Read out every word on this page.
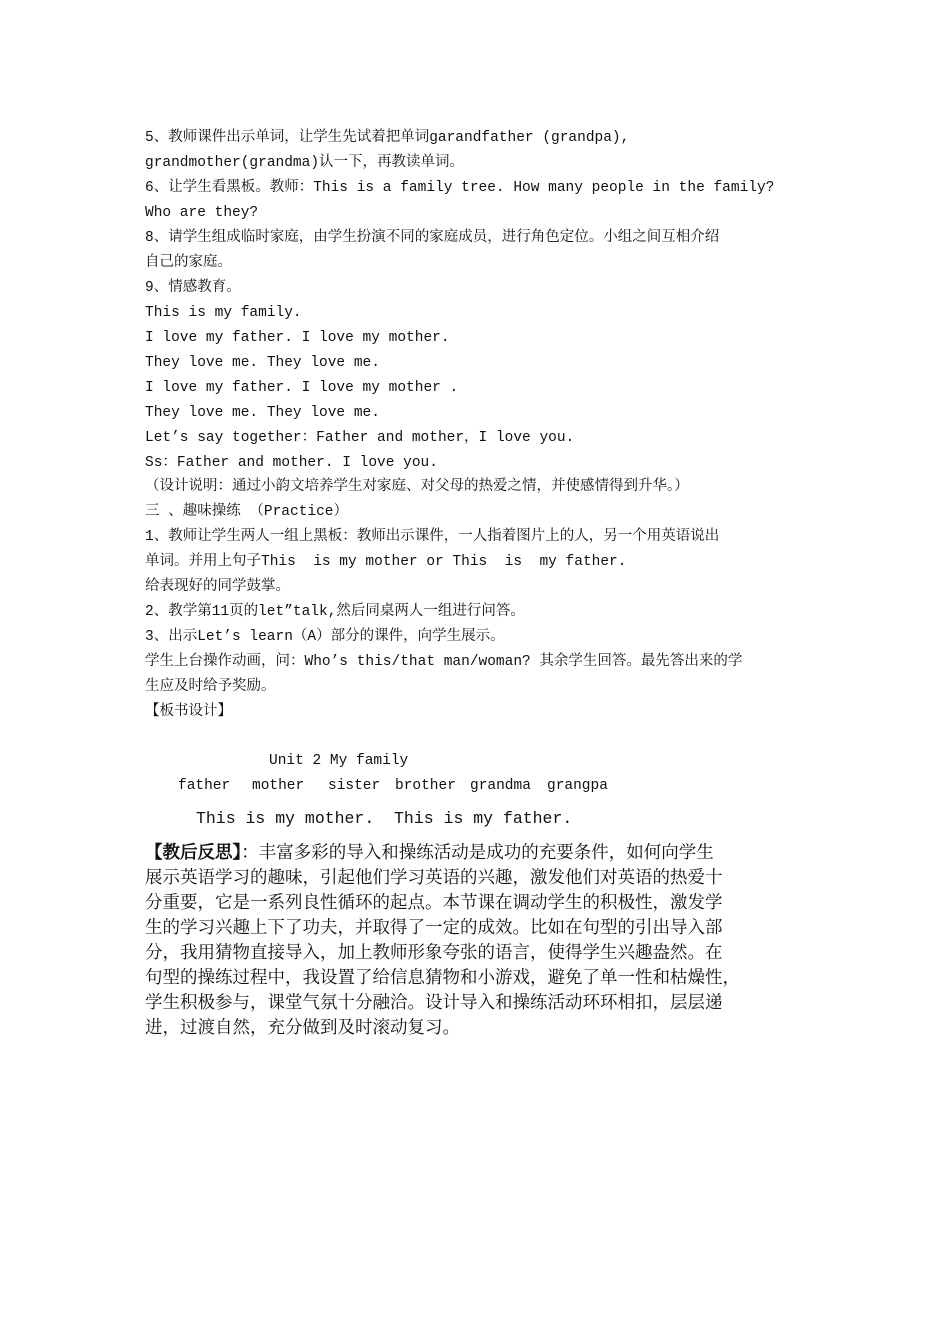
5、教师课件出示单词，让学生先试着把单词garandfather (grandpa),
grandmother(grandma)认一下，再教读单词。
6、让学生看黑板。教师：This is a family tree. How many people in the family?
Who are they?
8、请学生组成临时家庭，由学生扮演不同的家庭成员，进行角色定位。小组之间互相介绍
自己的家庭。
9、情感教育。
This is my family.
I love my father. I love my mother.
They love me. They love me.
I love my father. I love my mother .
They love me. They love me.
Let’s say together：Father and mother，I love you.
Ss：Father and mother. I love you.
（设计说明：通过小韵文培养学生对家庭、对父母的热爱之情，并使感情得到升华。）
三 、趣味操练 （Practice）
1、教师让学生两人一组上黑板：教师出示课件，一人指着图片上的人，另一个用英语说出
单词。并用上句子This  is my mother or This  is  my father.
给表现好的同学鼓掌。
2、教学第11页的let”talk,然后同桌两人一组进行问答。
3、出示Let’s learn（A）部分的课件，向学生展示。
学生上台操作动画，问：Who’s this/that man/woman? 其余学生回答。最先答出来的学
生应及时给予奖励。
【板书设计】
Unit 2 My family
father mother sister brother grandma grangpa
This is my mother.  This is my father.
【教后反思】：丰富多彩的导入和操练活动是成功的充要条件，如何向学生
展示英语学习的趣味，引起他们学习英语的兴趣，激发他们对英语的热爱十
分重要，它是一系列良性循环的起点。本节课在调动学生的积极性，激发学
生的学习兴趣上下了功夫，并取得了一定的成效。比如在句型的引出导入部
分，我用猜物直接导入，加上教师形象夸张的语言，使得学生兴趣盎然。在
句型的操练过程中，我设置了给信息猜物和小游戏，避免了单一性和枯燥性，
学生积极参与，课堂气氛十分融洽。设计导入和操练活动环环相扣，层层递
进，过渡自然，充分做到及时滚动复习。
